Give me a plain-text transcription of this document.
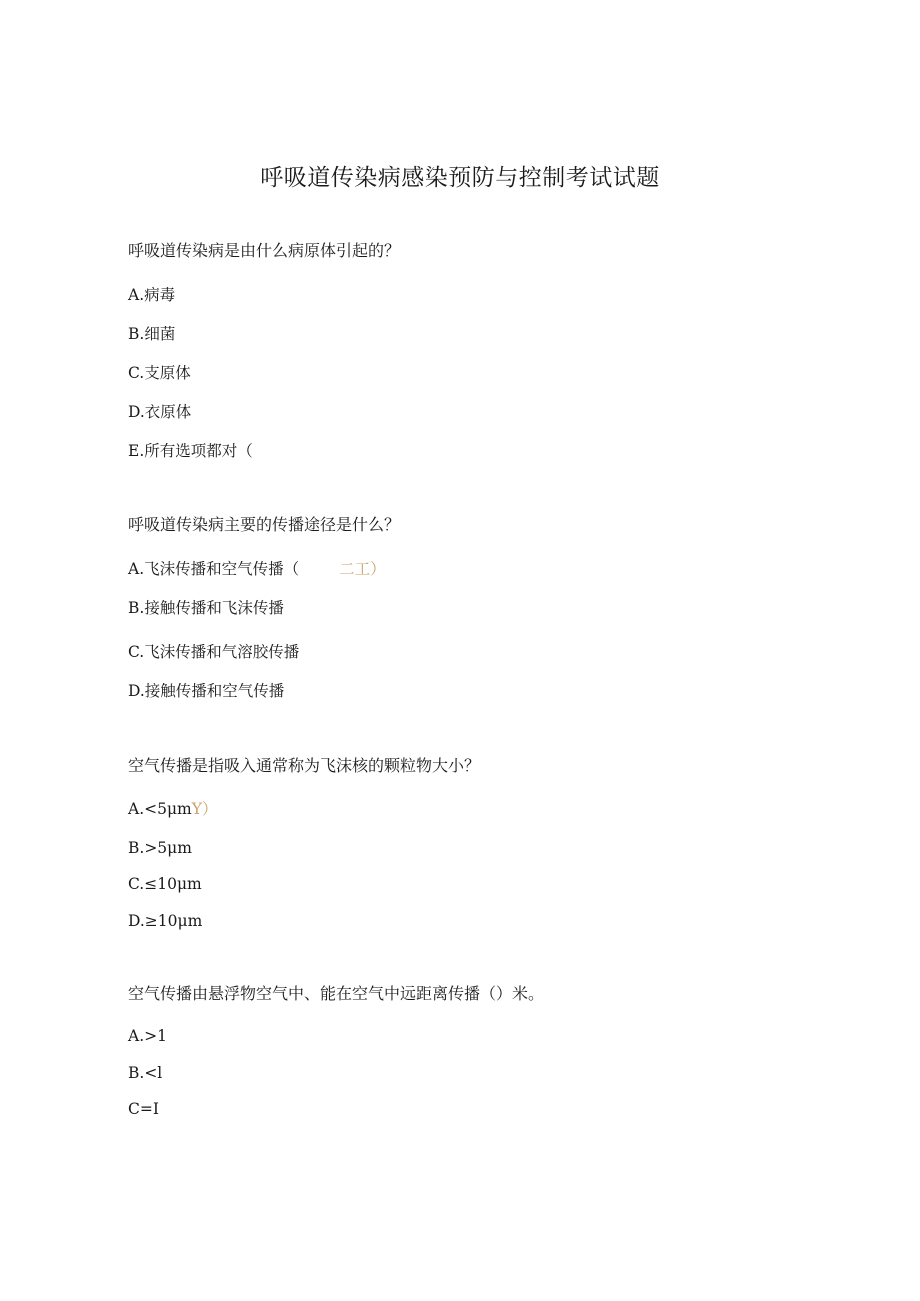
呼吸道传染病感染预防与控制考试试题
呼吸道传染病是由什么病原体引起的？
A.病毒
B.细菌
C.支原体
D.衣原体
E.所有选项都对（
呼吸道传染病主要的传播途径是什么？
A.飞沫传播和空气传播（	二工）
B.接触传播和飞沫传播
C.飞沫传播和气溶胶传播
D.接触传播和空气传播
空气传播是指吸入通常称为飞沫核的颗粒物大小？
A.<5μmY）
B.>5μm
C.≤10μm
D.≥10μm
空气传播由悬浮物空气中、能在空气中远距离传播（）米。
A.>1
B.<l
C=I
